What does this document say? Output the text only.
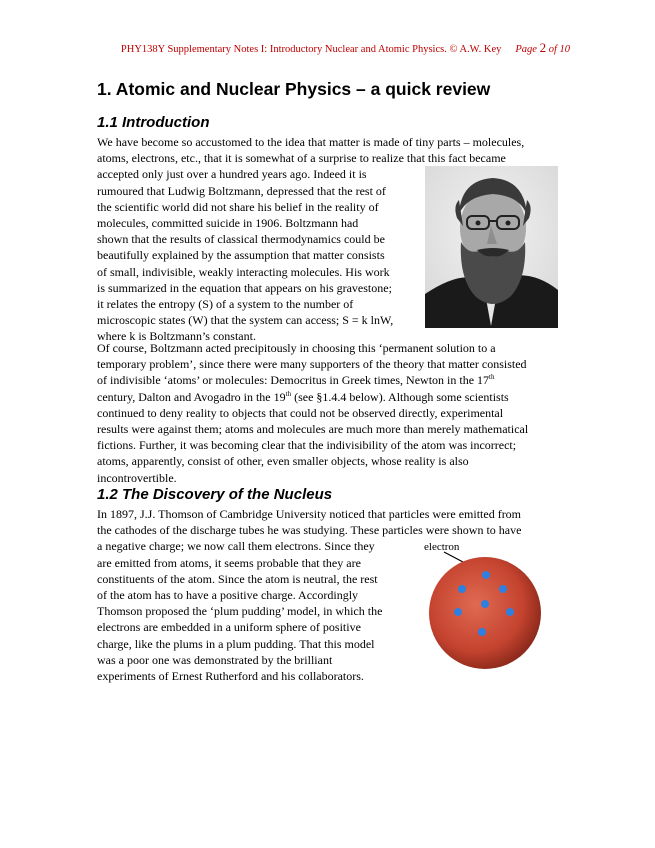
PHY138Y Supplementary Notes I: Introductory Nuclear and Atomic Physics. © A.W. Key Page 2 of 10
1. Atomic and Nuclear Physics – a quick review
1.1 Introduction
We have become so accustomed to the idea that matter is made of tiny parts – molecules,
atoms, electrons, etc., that it is somewhat of a surprise to realize that this fact became
accepted only just over a hundred years ago. Indeed it is
rumoured that Ludwig Boltzmann, depressed that the rest of
the scientific world did not share his belief in the reality of
molecules, committed suicide in 1906. Boltzmann had
shown that the results of classical thermodynamics could be
beautifully explained by the assumption that matter consists
of small, indivisible, weakly interacting molecules. His work
is summarized in the equation that appears on his gravestone;
it relates the entropy (S) of a system to the number of
microscopic states (W) that the system can access; S = k lnW,
where k is Boltzmann’s constant.
Of course, Boltzmann acted precipitously in choosing this ‘permanent solution to a
temporary problem’, since there were many supporters of the theory that matter consisted
of indivisible ‘atoms’ or molecules: Democritus in Greek times, Newton in the 17th
century, Dalton and Avogadro in the 19th (see §1.4.4 below). Although some scientists
continued to deny reality to objects that could not be observed directly, experimental
results were against them; atoms and molecules are much more than merely mathematical
fictions. Further, it was becoming clear that the indivisibility of the atom was incorrect;
atoms, apparently, consist of other, even smaller objects, whose reality is also
incontrovertible.
1.2 The Discovery of the Nucleus
In 1897, J.J. Thomson of Cambridge University noticed that particles were emitted from
the cathodes of the discharge tubes he was studying. These particles were shown to have
a negative charge; we now call them electrons. Since they
are emitted from atoms, it seems probable that they are
constituents of the atom. Since the atom is neutral, the rest
of the atom has to have a positive charge. Accordingly
Thomson proposed the ‘plum pudding’ model, in which the
electrons are embedded in a uniform sphere of positive
charge, like the plums in a plum pudding. That this model
was a poor one was demonstrated by the brilliant
experiments of Ernest Rutherford and his collaborators.
electron
